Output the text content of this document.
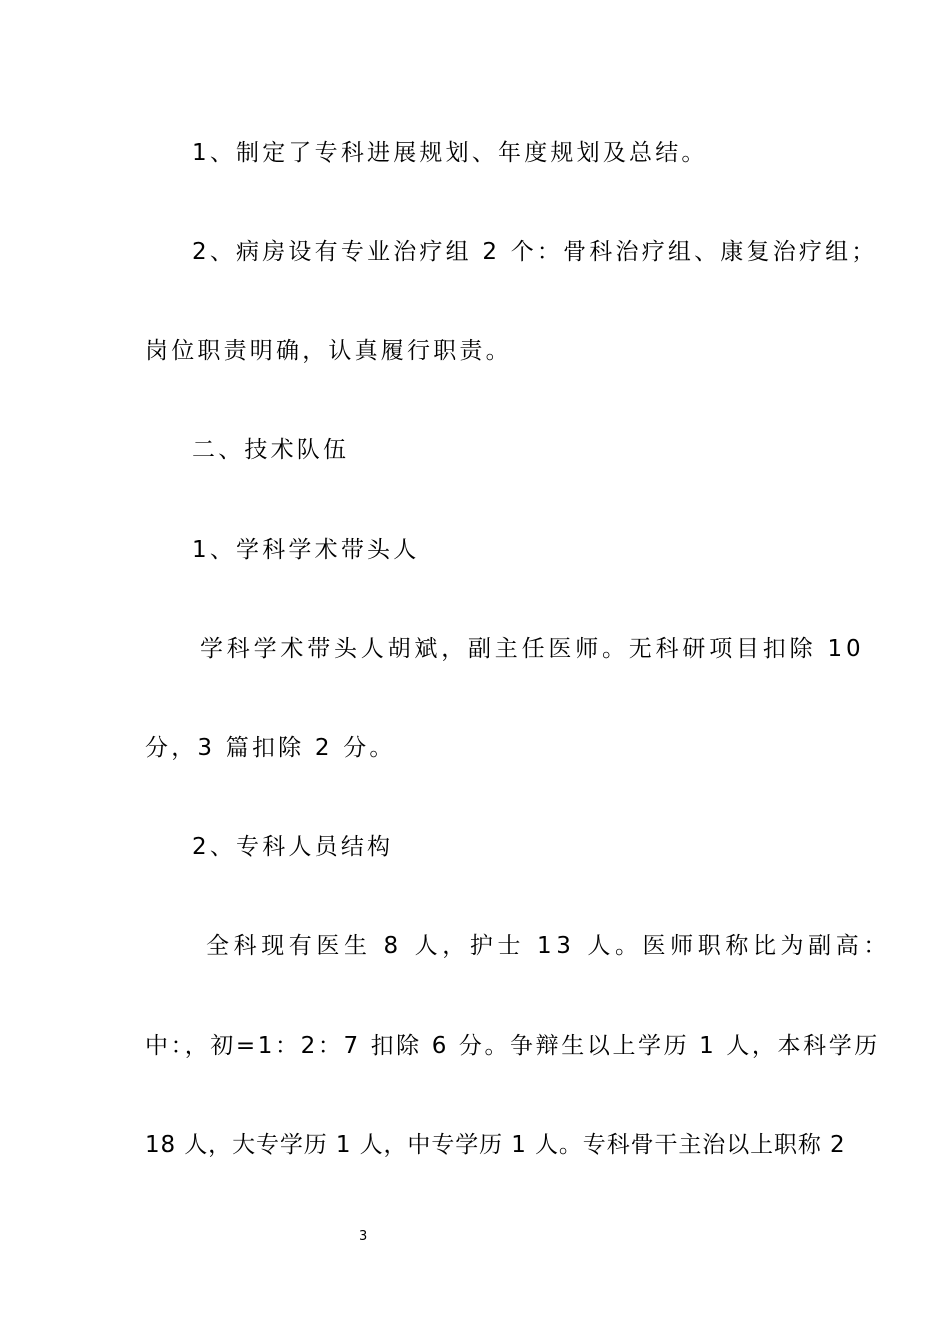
1、制定了专科进展规划、年度规划及总结。
2、病房设有专业治疗组 2 个：骨科治疗组、康复治疗组；
岗位职责明确，认真履行职责。
二、技术队伍
1、学科学术带头人
学科学术带头人胡斌，副主任医师。无科研项目扣除 10
分，3 篇扣除 2 分。
2、专科人员结构
全科现有医生 8 人，护士 13 人。医师职称比为副高：
中：，初=1：2：7 扣除 6 分。争辩生以上学历 1 人，本科学历
18 人，大专学历 1 人，中专学历 1 人。专科骨干主治以上职称 2
3
